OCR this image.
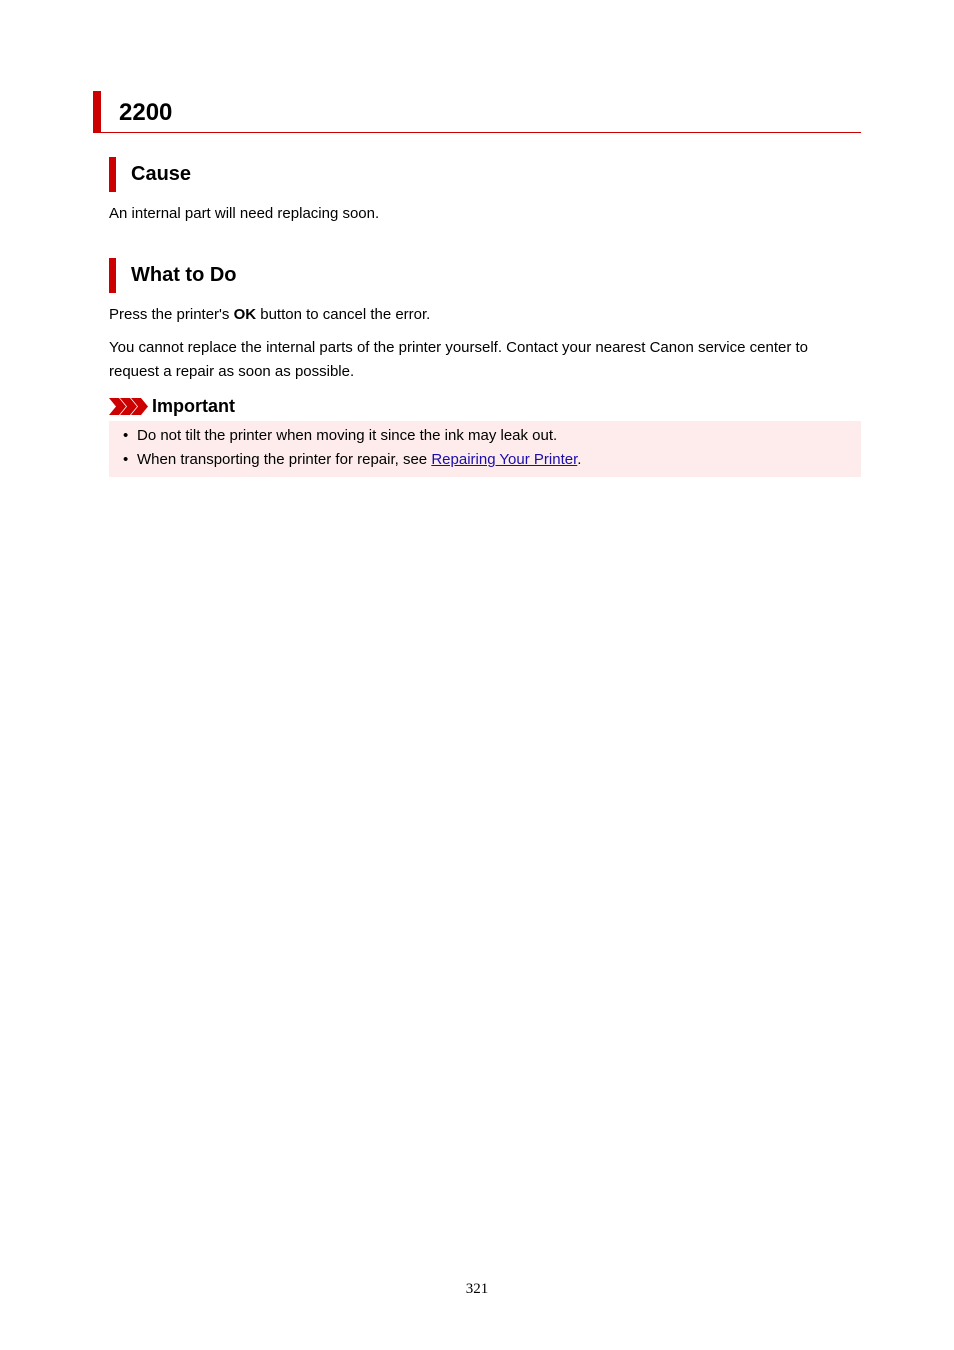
2200
Cause

An internal part will need replacing soon.

What to Do

Press the printer's OK button to cancel the error.

You cannot replace the internal parts of the printer yourself. Contact your nearest Canon service center to request a repair as soon as possible.

Important
• Do not tilt the printer when moving it since the ink may leak out.
• When transporting the printer for repair, see Repairing Your Printer.
321
